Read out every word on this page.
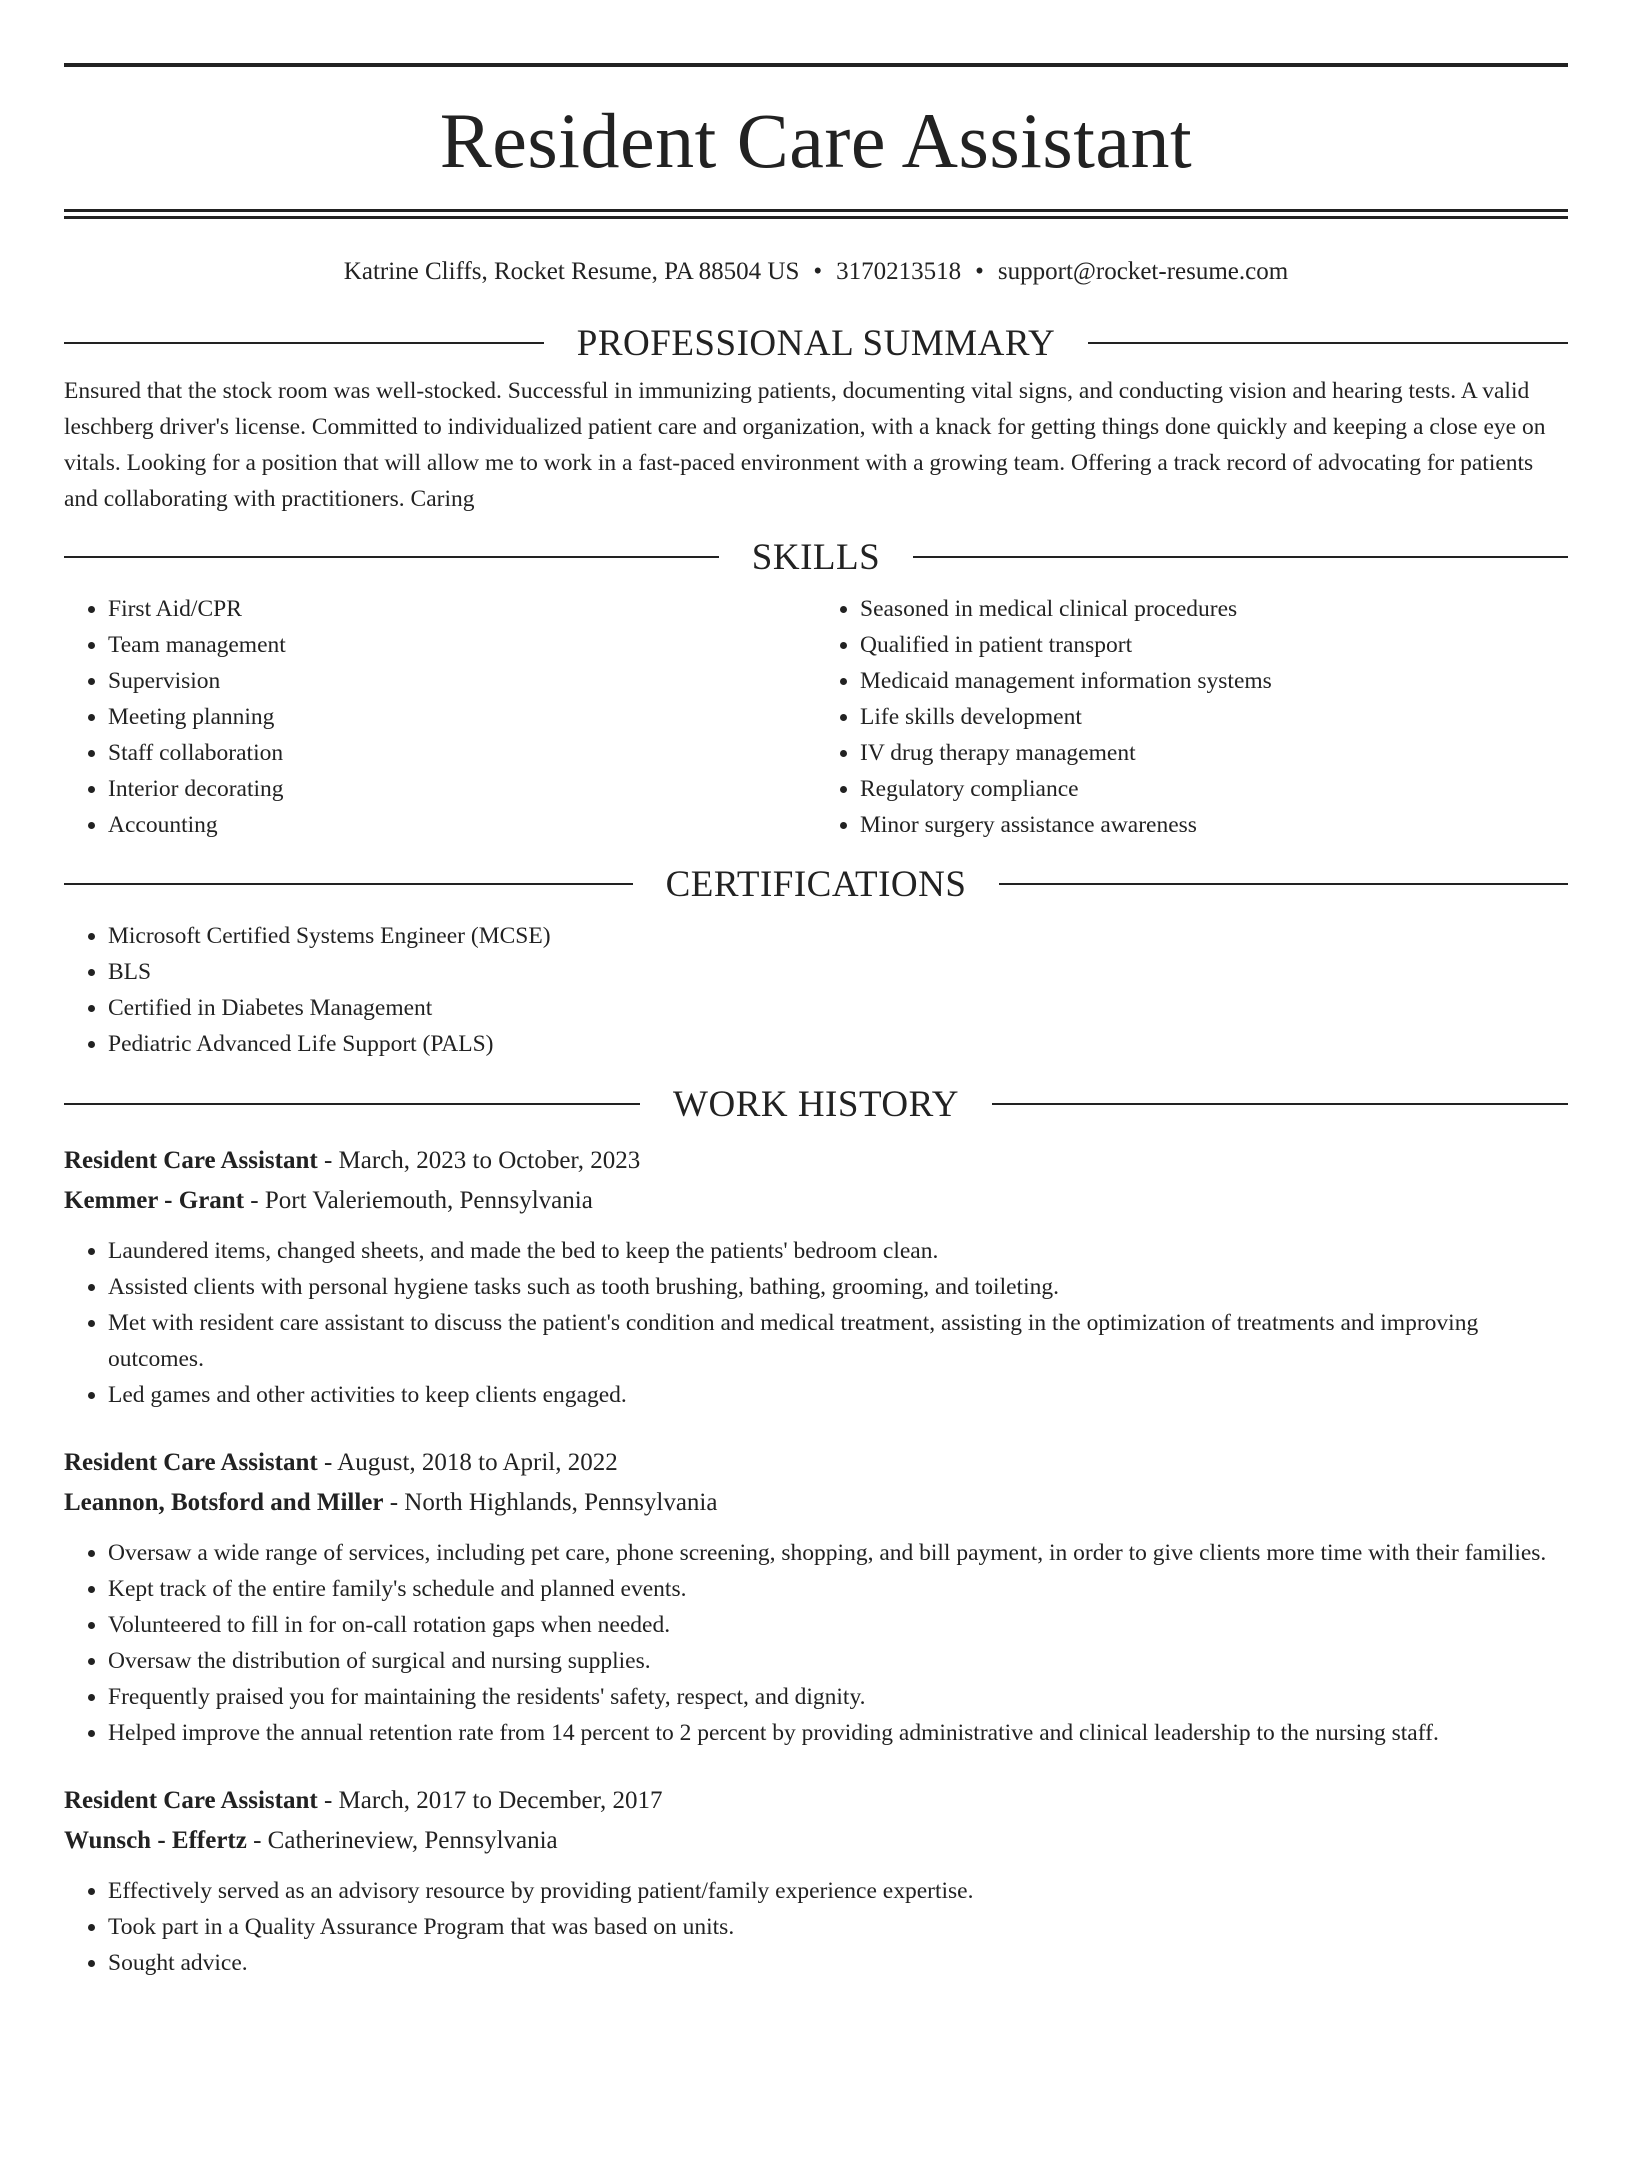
Resident Care Assistant
Katrine Cliffs, Rocket Resume, PA 88504 US • 3170213518 • support@rocket-resume.com
PROFESSIONAL SUMMARY

Ensured that the stock room was well-stocked. Successful in immunizing patients, documenting vital signs, and conducting vision and hearing tests. A valid leschberg driver's license. Committed to individualized patient care and organization, with a knack for getting things done quickly and keeping a close eye on vitals. Looking for a position that will allow me to work in a fast-paced environment with a growing team. Offering a track record of advocating for patients and collaborating with practitioners. Caring

SKILLS
• First Aid/CPR
• Team management
• Supervision
• Meeting planning
• Staff collaboration
• Interior decorating
• Accounting
• Seasoned in medical clinical procedures
• Qualified in patient transport
• Medicaid management information systems
• Life skills development
• IV drug therapy management
• Regulatory compliance
• Minor surgery assistance awareness
CERTIFICATIONS
• Microsoft Certified Systems Engineer (MCSE)
• BLS
• Certified in Diabetes Management
• Pediatric Advanced Life Support (PALS)
WORK HISTORY
Resident Care Assistant - March, 2023 to October, 2023
Kemmer - Grant - Port Valeriemouth, Pennsylvania
• Laundered items, changed sheets, and made the bed to keep the patients' bedroom clean.
• Assisted clients with personal hygiene tasks such as tooth brushing, bathing, grooming, and toileting.
• Met with resident care assistant to discuss the patient's condition and medical treatment, assisting in the optimization of treatments and improving outcomes.
• Led games and other activities to keep clients engaged.
Resident Care Assistant - August, 2018 to April, 2022
Leannon, Botsford and Miller - North Highlands, Pennsylvania
• Oversaw a wide range of services, including pet care, phone screening, shopping, and bill payment, in order to give clients more time with their families.
• Kept track of the entire family's schedule and planned events.
• Volunteered to fill in for on-call rotation gaps when needed.
• Oversaw the distribution of surgical and nursing supplies.
• Frequently praised you for maintaining the residents' safety, respect, and dignity.
• Helped improve the annual retention rate from 14 percent to 2 percent by providing administrative and clinical leadership to the nursing staff.
Resident Care Assistant - March, 2017 to December, 2017
Wunsch - Effertz - Catherineview, Pennsylvania
• Effectively served as an advisory resource by providing patient/family experience expertise.
• Took part in a Quality Assurance Program that was based on units.
• Sought advice.
